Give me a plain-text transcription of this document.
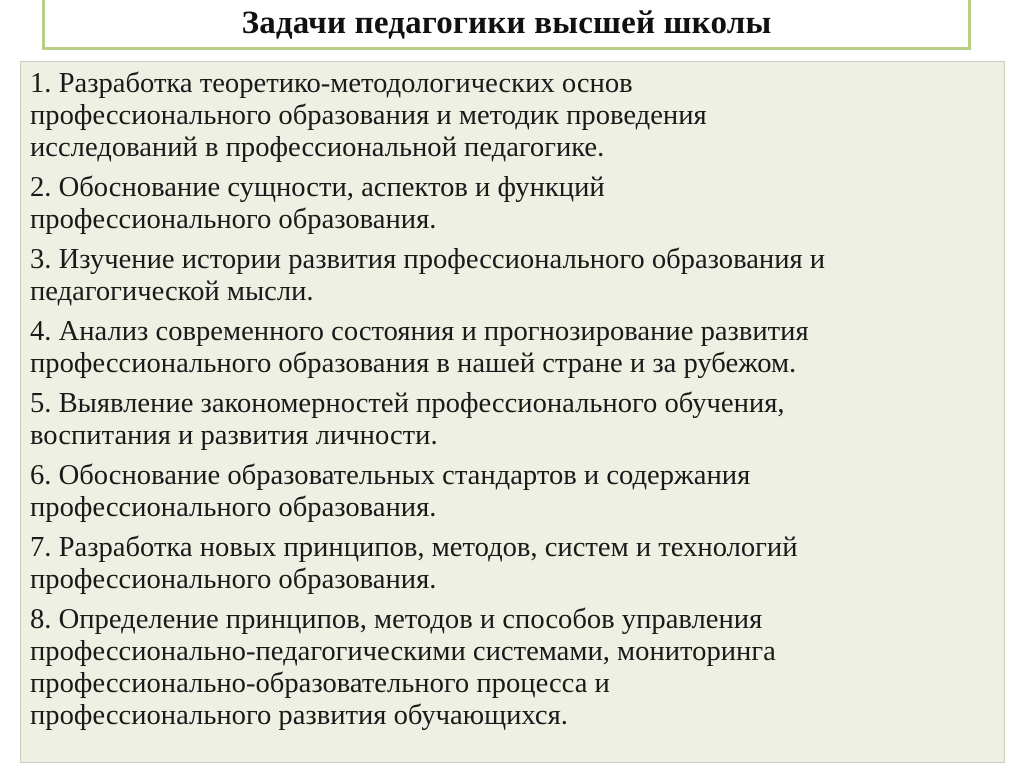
Задачи педагогики высшей школы
1. Разработка теоретико-методологических основ
профессионального образования и методик проведения
исследований в профессиональной педагогике.
2. Обоснование сущности, аспектов и функций
профессионального образования.
3. Изучение истории развития профессионального образования и
педагогической мысли.
4. Анализ современного состояния и прогнозирование развития
профессионального образования в нашей стране и за рубежом.
5. Выявление закономерностей профессионального обучения,
воспитания и развития личности.
6. Обоснование образовательных стандартов и содержания
профессионального образования.
7. Разработка новых принципов, методов, систем и технологий
профессионального образования.
8. Определение принципов, методов и способов управления
профессионально-педагогическими системами, мониторинга
профессионально-образовательного процесса и
профессионального развития обучающихся.
